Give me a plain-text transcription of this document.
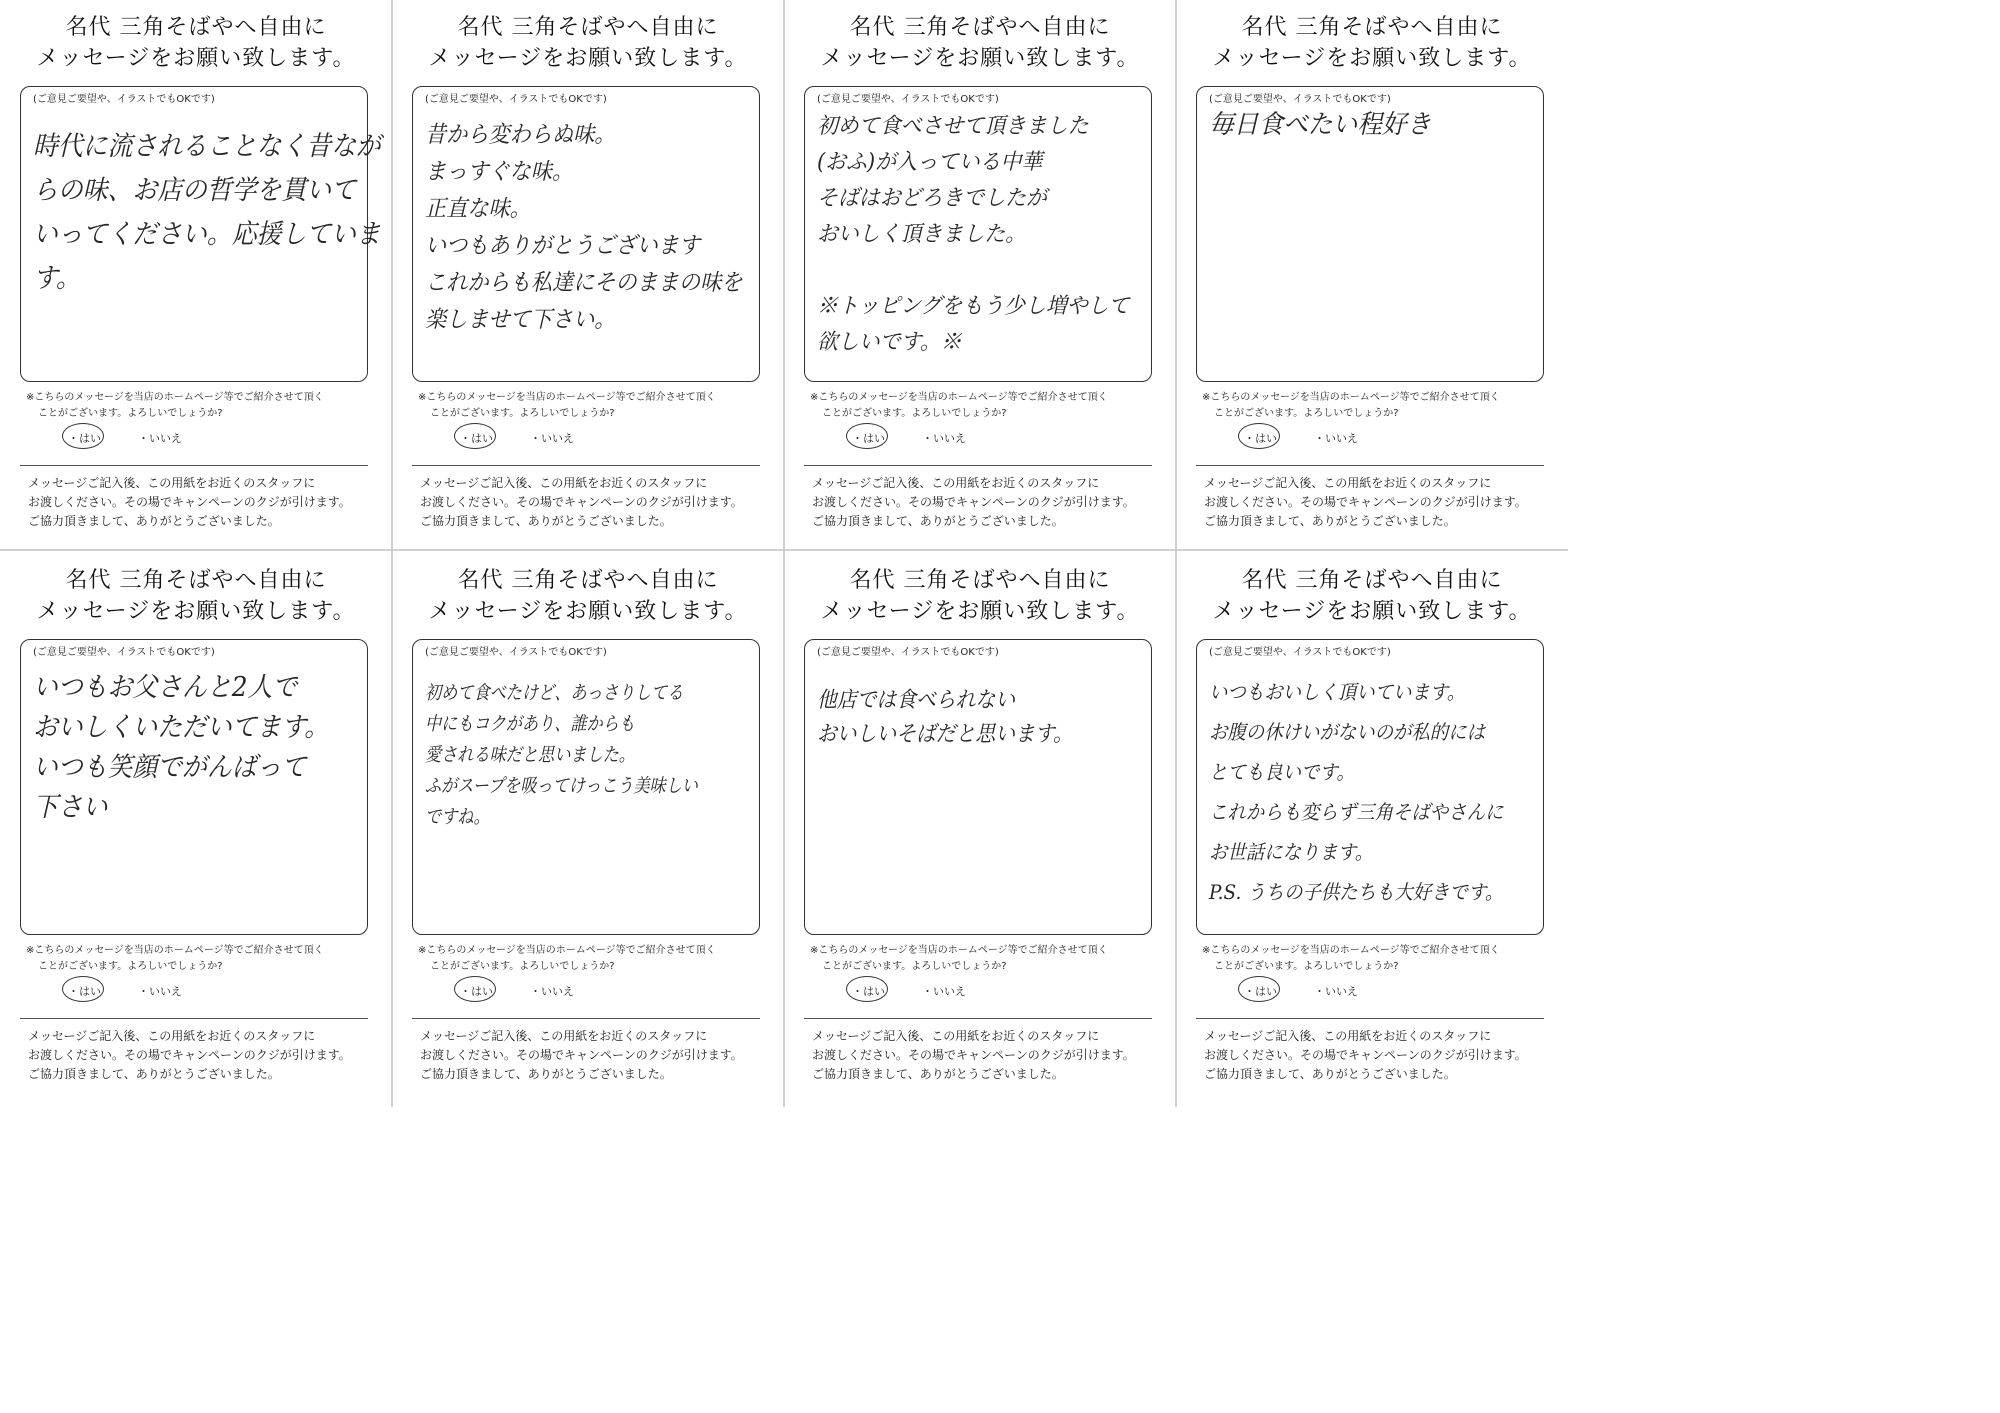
名代 三角そばやへ自由に
メッセージをお願い致します。
(ご意見ご要望や、イラストでもOKです)
時代に流されることなく昔なが
らの味、お店の哲学を貫いて
いってください。応援していま
す。
※こちらのメッセージを当店のホームページ等でご紹介させて頂く
ことがございます。よろしいでしょうか?
・はい	・いいえ
メッセージご記入後、この用紙をお近くのスタッフに
お渡しください。その場でキャンペーンのクジが引けます。
ご協力頂きまして、ありがとうございました。
名代 三角そばやへ自由に
メッセージをお願い致します。
(ご意見ご要望や、イラストでもOKです)
昔から変わらぬ味。
まっすぐな味。
正直な味。
いつもありがとうございます
これからも私達にそのままの味を
楽しませて下さい。
※こちらのメッセージを当店のホームページ等でご紹介させて頂く
ことがございます。よろしいでしょうか?
・はい	・いいえ
メッセージご記入後、この用紙をお近くのスタッフに
お渡しください。その場でキャンペーンのクジが引けます。
ご協力頂きまして、ありがとうございました。
名代 三角そばやへ自由に
メッセージをお願い致します。
(ご意見ご要望や、イラストでもOKです)
初めて食べさせて頂きました
(おふ)が入っている中華
そばはおどろきでしたが
おいしく頂きました。
※トッピングをもう少し増やして
欲しいです。※
※こちらのメッセージを当店のホームページ等でご紹介させて頂く
ことがございます。よろしいでしょうか?
・はい	・いいえ
メッセージご記入後、この用紙をお近くのスタッフに
お渡しください。その場でキャンペーンのクジが引けます。
ご協力頂きまして、ありがとうございました。
名代 三角そばやへ自由に
メッセージをお願い致します。
(ご意見ご要望や、イラストでもOKです)
毎日食べたい程好き
※こちらのメッセージを当店のホームページ等でご紹介させて頂く
ことがございます。よろしいでしょうか?
・はい	・いいえ
メッセージご記入後、この用紙をお近くのスタッフに
お渡しください。その場でキャンペーンのクジが引けます。
ご協力頂きまして、ありがとうございました。
名代 三角そばやへ自由に
メッセージをお願い致します。
(ご意見ご要望や、イラストでもOKです)
いつもお父さんと2人で
おいしくいただいてます。
いつも笑顔でがんばって
下さい
※こちらのメッセージを当店のホームページ等でご紹介させて頂く
ことがございます。よろしいでしょうか?
・はい	・いいえ
メッセージご記入後、この用紙をお近くのスタッフに
お渡しください。その場でキャンペーンのクジが引けます。
ご協力頂きまして、ありがとうございました。
名代 三角そばやへ自由に
メッセージをお願い致します。
(ご意見ご要望や、イラストでもOKです)
初めて食べたけど、あっさりしてる
中にもコクがあり、誰からも
愛される味だと思いました。
ふがスープを吸ってけっこう美味しい
ですね。
※こちらのメッセージを当店のホームページ等でご紹介させて頂く
ことがございます。よろしいでしょうか?
・はい	・いいえ
メッセージご記入後、この用紙をお近くのスタッフに
お渡しください。その場でキャンペーンのクジが引けます。
ご協力頂きまして、ありがとうございました。
名代 三角そばやへ自由に
メッセージをお願い致します。
(ご意見ご要望や、イラストでもOKです)
他店では食べられない
おいしいそばだと思います。
※こちらのメッセージを当店のホームページ等でご紹介させて頂く
ことがございます。よろしいでしょうか?
・はい	・いいえ
メッセージご記入後、この用紙をお近くのスタッフに
お渡しください。その場でキャンペーンのクジが引けます。
ご協力頂きまして、ありがとうございました。
名代 三角そばやへ自由に
メッセージをお願い致します。
(ご意見ご要望や、イラストでもOKです)
いつもおいしく頂いています。
お腹の休けいがないのが私的には
とても良いです。
これからも変らず三角そばやさんに
お世話になります。
P.S. うちの子供たちも大好きです。
※こちらのメッセージを当店のホームページ等でご紹介させて頂く
ことがございます。よろしいでしょうか?
・はい	・いいえ
メッセージご記入後、この用紙をお近くのスタッフに
お渡しください。その場でキャンペーンのクジが引けます。
ご協力頂きまして、ありがとうございました。
